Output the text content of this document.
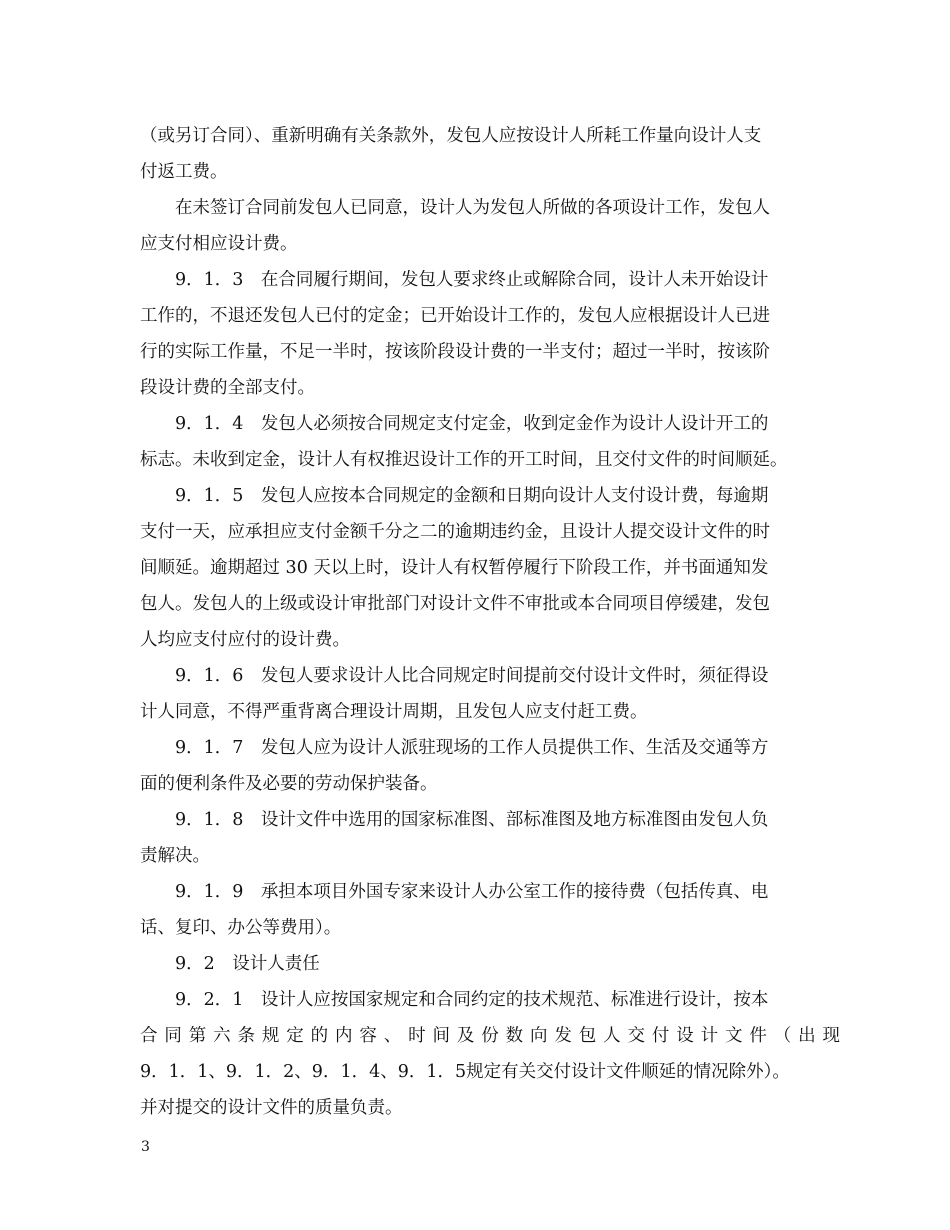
（或另订合同）、重新明确有关条款外，发包人应按设计人所耗工作量向设计人支
付返工费。
在未签订合同前发包人已同意，设计人为发包人所做的各项设计工作，发包人
应支付相应设计费。
9．1．3　在合同履行期间，发包人要求终止或解除合同，设计人未开始设计
工作的，不退还发包人已付的定金；已开始设计工作的，发包人应根据设计人已进
行的实际工作量，不足一半时，按该阶段设计费的一半支付；超过一半时，按该阶
段设计费的全部支付。
9．1．4　发包人必须按合同规定支付定金，收到定金作为设计人设计开工的
标志。未收到定金，设计人有权推迟设计工作的开工时间，且交付文件的时间顺延。
9．1．5　发包人应按本合同规定的金额和日期向设计人支付设计费，每逾期
支付一天，应承担应支付金额千分之二的逾期违约金，且设计人提交设计文件的时
间顺延。逾期超过 30 天以上时，设计人有权暂停履行下阶段工作，并书面通知发
包人。发包人的上级或设计审批部门对设计文件不审批或本合同项目停缓建，发包
人均应支付应付的设计费。
9．1．6　发包人要求设计人比合同规定时间提前交付设计文件时，须征得设
计人同意，不得严重背离合理设计周期，且发包人应支付赶工费。
9．1．7　发包人应为设计人派驻现场的工作人员提供工作、生活及交通等方
面的便利条件及必要的劳动保护装备。
9．1．8　设计文件中选用的国家标准图、部标准图及地方标准图由发包人负
责解决。
9．1．9　承担本项目外国专家来设计人办公室工作的接待费（包括传真、电
话、复印、办公等费用）。
9．2　设计人责任
9．2．1　设计人应按国家规定和合同约定的技术规范、标准进行设计，按本
合同第六条规定的内容、时间及份数向发包人交付设计文件（出现
9．1．1、9．1．2、9．1．4、9．1．5规定有关交付设计文件顺延的情况除外）。
并对提交的设计文件的质量负责。
3
